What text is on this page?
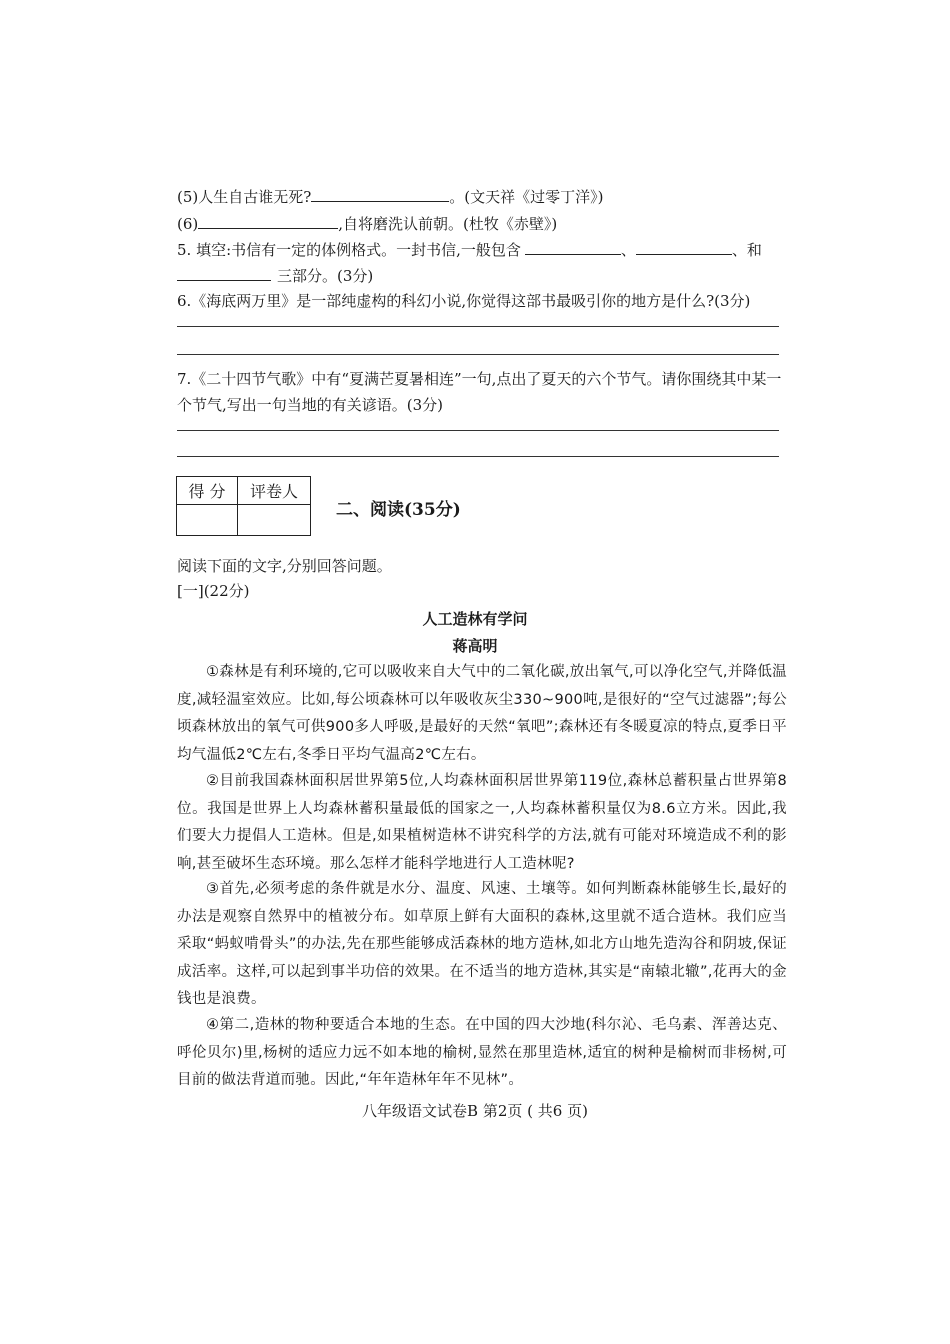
(5)人生自古谁无死?	。(文天祥《过零丁洋》)
(6)	,自将磨洗认前朝。(杜牧《赤壁》)
5. 填空:书信有一定的体例格式。一封书信,一般包含	、	、和
三部分。(3分)
6.《海底两万里》是一部纯虚构的科幻小说,你觉得这部书最吸引你的地方是什么?(3分)
7.《二十四节气歌》中有“夏满芒夏暑相连”一句,点出了夏天的六个节气。请你围绕其中某一
个节气,写出一句当地的有关谚语。(3分)
得 分	评卷人

二、阅读(35分)
阅读下面的文字,分别回答问题。
[一](22分)
人工造林有学问
蒋高明
①森林是有利环境的,它可以吸收来自大气中的二氧化碳,放出氧气,可以净化空气,并降低温度,减轻温室效应。比如,每公顷森林可以年吸收灰尘330~900吨,是很好的“空气过滤器”;每公顷森林放出的氧气可供900多人呼吸,是最好的天然“氧吧”;森林还有冬暖夏凉的特点,夏季日平均气温低2℃左右,冬季日平均气温高2℃左右。
②目前我国森林面积居世界第5位,人均森林面积居世界第119位,森林总蓄积量占世界第8位。我国是世界上人均森林蓄积量最低的国家之一,人均森林蓄积量仅为8.6立方米。因此,我们要大力提倡人工造林。但是,如果植树造林不讲究科学的方法,就有可能对环境造成不利的影响,甚至破坏生态环境。那么怎样才能科学地进行人工造林呢?
③首先,必须考虑的条件就是水分、温度、风速、土壤等。如何判断森林能够生长,最好的办法是观察自然界中的植被分布。如草原上鲜有大面积的森林,这里就不适合造林。我们应当采取“蚂蚁啃骨头”的办法,先在那些能够成活森林的地方造林,如北方山地先造沟谷和阴坡,保证成活率。这样,可以起到事半功倍的效果。在不适当的地方造林,其实是“南辕北辙”,花再大的金钱也是浪费。
④第二,造林的物种要适合本地的生态。在中国的四大沙地(科尔沁、毛乌素、浑善达克、呼伦贝尔)里,杨树的适应力远不如本地的榆树,显然在那里造林,适宜的树种是榆树而非杨树,可目前的做法背道而驰。因此,“年年造林年年不见林”。
八年级语文试卷B 第2页 ( 共6 页)
